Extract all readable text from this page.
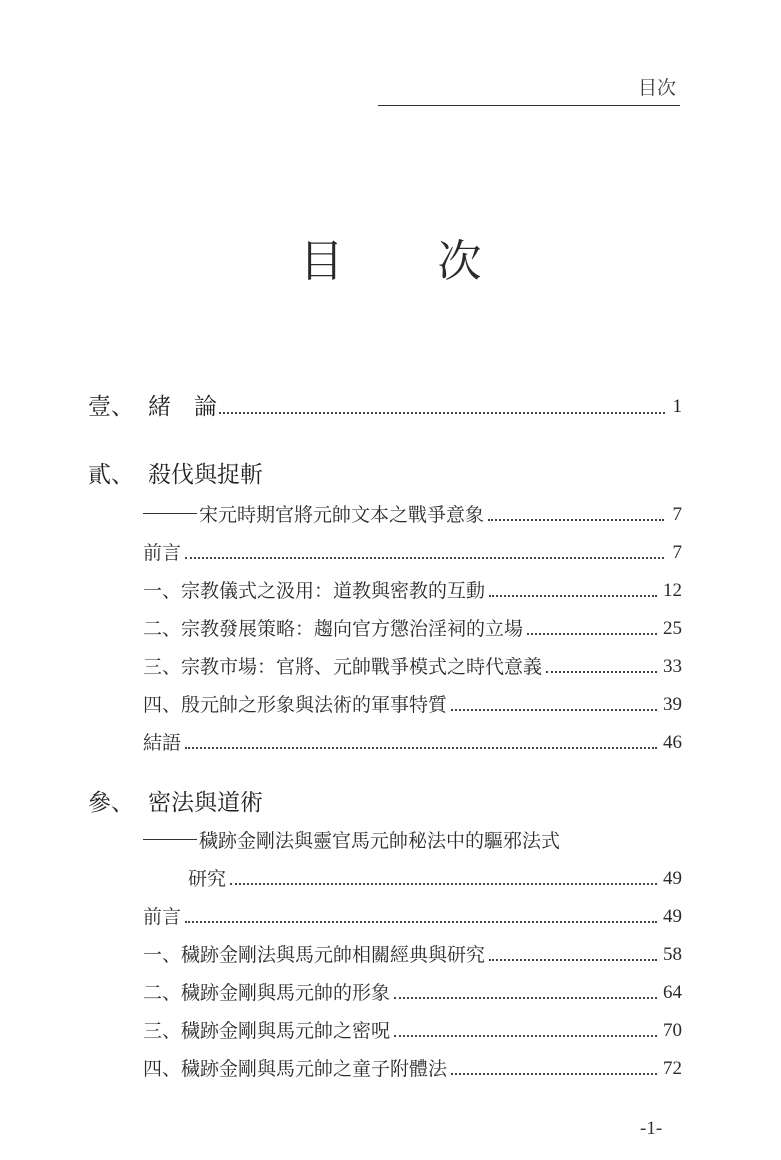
目次
目 次
壹、 緒　論	1
貳、 殺伐與捉斬
宋元時期官將元帥文本之戰爭意象	7
前言	7
一、宗教儀式之汲用：道教與密教的互動	12
二、宗教發展策略：趨向官方懲治淫祠的立場	25
三、宗教市場：官將、元帥戰爭模式之時代意義	33
四、殷元帥之形象與法術的軍事特質	39
結語	46
參、 密法與道術
穢跡金剛法與靈官馬元帥秘法中的驅邪法式
研究	49
前言	49
一、穢跡金剛法與馬元帥相關經典與研究	58
二、穢跡金剛與馬元帥的形象	64
三、穢跡金剛與馬元帥之密呪	70
四、穢跡金剛與馬元帥之童子附體法	72
-1-
